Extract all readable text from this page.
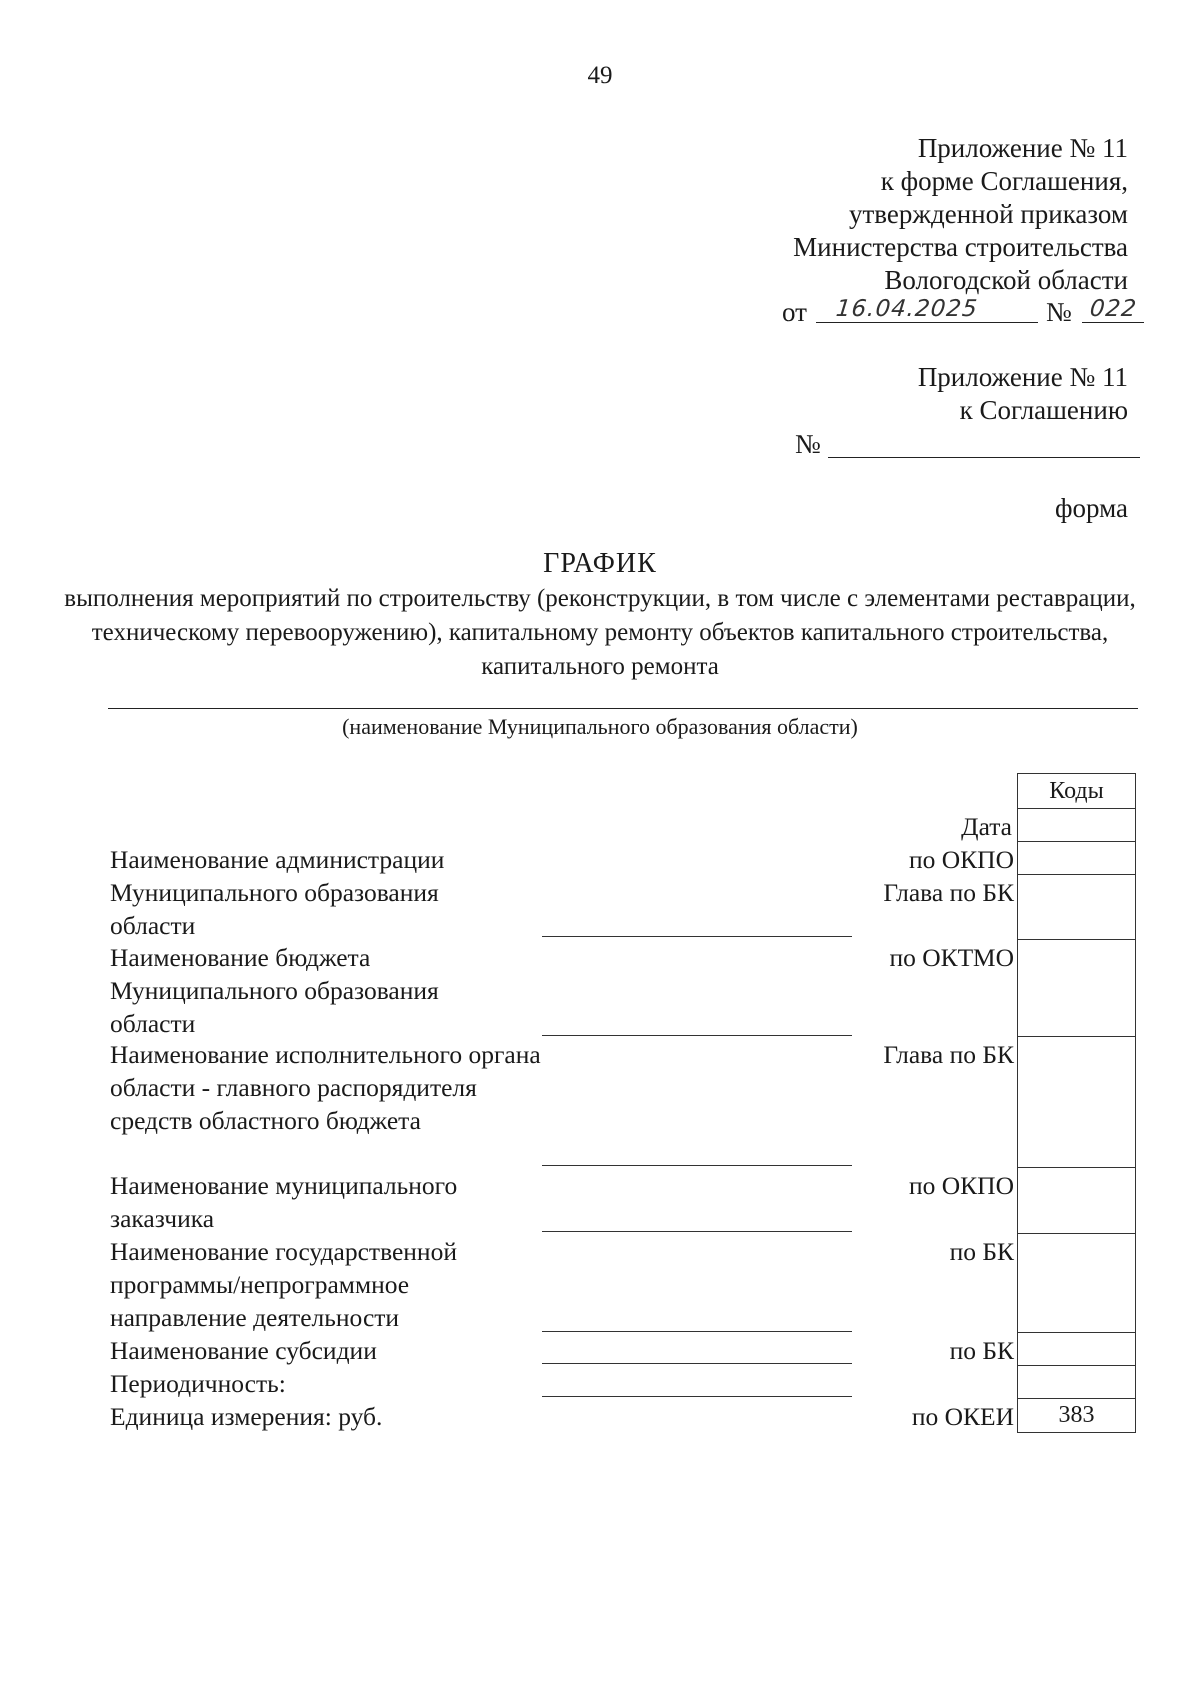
49
Приложение № 11
к форме Соглашения,
утвержденной приказом
Министерства строительства
Вологодской области
от 16.04.2025 № 022
Приложение № 11
к Соглашению
№
форма
ГРАФИК
выполнения мероприятий по строительству (реконструкции, в том числе с элементами реставрации, техническому перевооружению), капитальному ремонту объектов капитального строительства, капитального ремонта
(наименование Муниципального образования области)
Коды
383
Дата
по ОКПО
Глава по БК
по ОКТМО
Глава по БК
по ОКПО
по БК
по БК
по ОКЕИ
Наименование администрации Муниципального образования области
Наименование бюджета Муниципального образования области
Наименование исполнительного органа области - главного распорядителя средств областного бюджета
Наименование муниципального заказчика
Наименование государственной программы/непрограммное направление деятельности
Наименование субсидии
Периодичность:
Единица измерения: руб.
